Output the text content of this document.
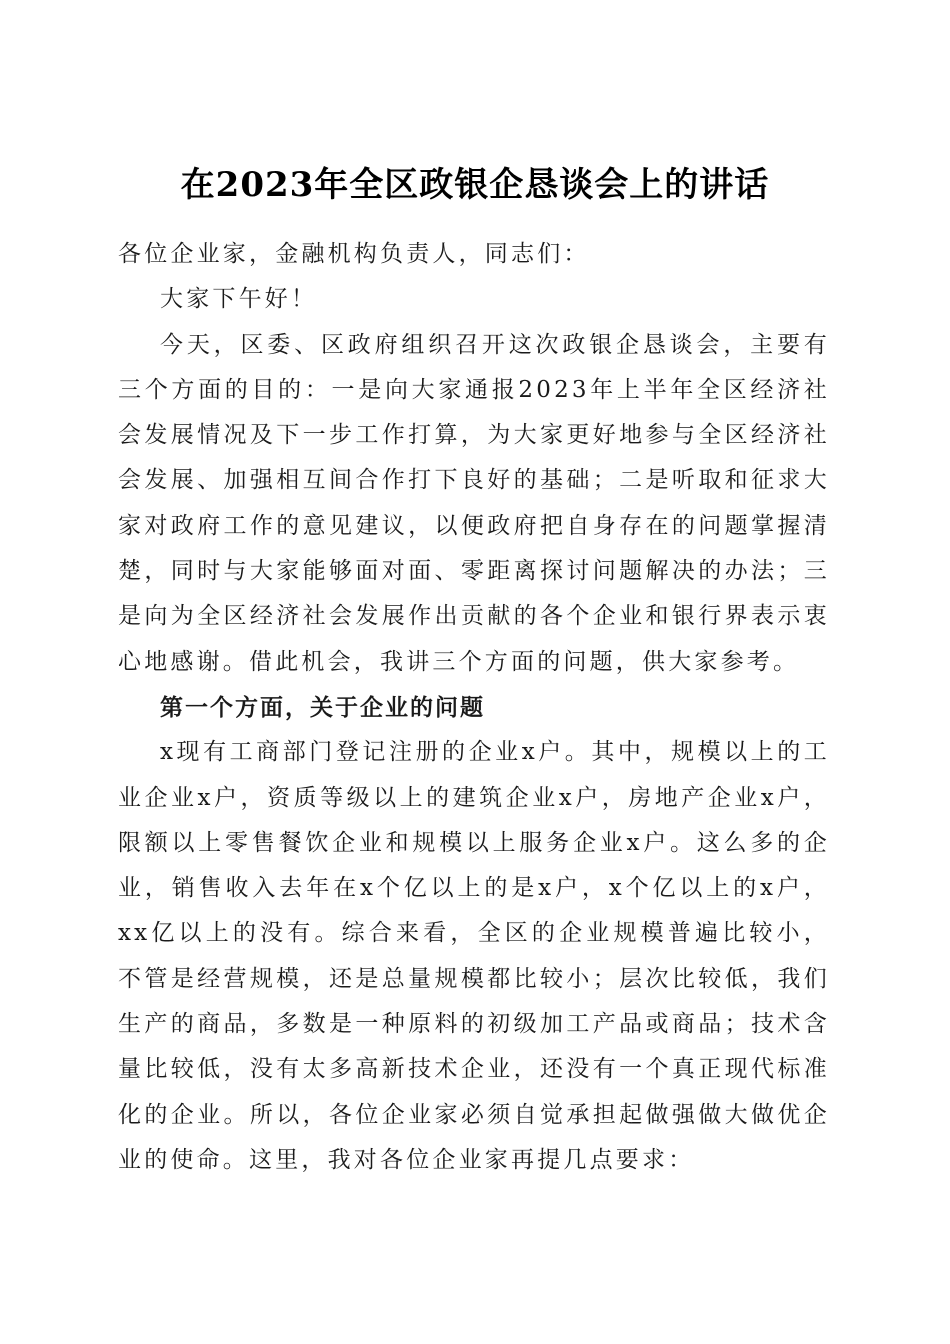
在2023年全区政银企恳谈会上的讲话

各位企业家，金融机构负责人，同志们：

大家下午好！

今天，区委、区政府组织召开这次政银企恳谈会，主要有三个方面的目的：一是向大家通报2023年上半年全区经济社会发展情况及下一步工作打算，为大家更好地参与全区经济社会发展、加强相互间合作打下良好的基础；二是听取和征求大家对政府工作的意见建议，以便政府把自身存在的问题掌握清楚，同时与大家能够面对面、零距离探讨问题解决的办法；三是向为全区经济社会发展作出贡献的各个企业和银行界表示衷心地感谢。借此机会，我讲三个方面的问题，供大家参考。

第一个方面，关于企业的问题

x现有工商部门登记注册的企业x户。其中，规模以上的工业企业x户，资质等级以上的建筑企业x户，房地产企业x户，限额以上零售餐饮企业和规模以上服务企业x户。这么多的企业，销售收入去年在x个亿以上的是x户，x个亿以上的x户，xx亿以上的没有。综合来看，全区的企业规模普遍比较小，不管是经营规模，还是总量规模都比较小；层次比较低，我们生产的商品，多数是一种原料的初级加工产品或商品；技术含量比较低，没有太多高新技术企业，还没有一个真正现代标准化的企业。所以，各位企业家必须自觉承担起做强做大做优企业的使命。这里，我对各位企业家再提几点要求：
